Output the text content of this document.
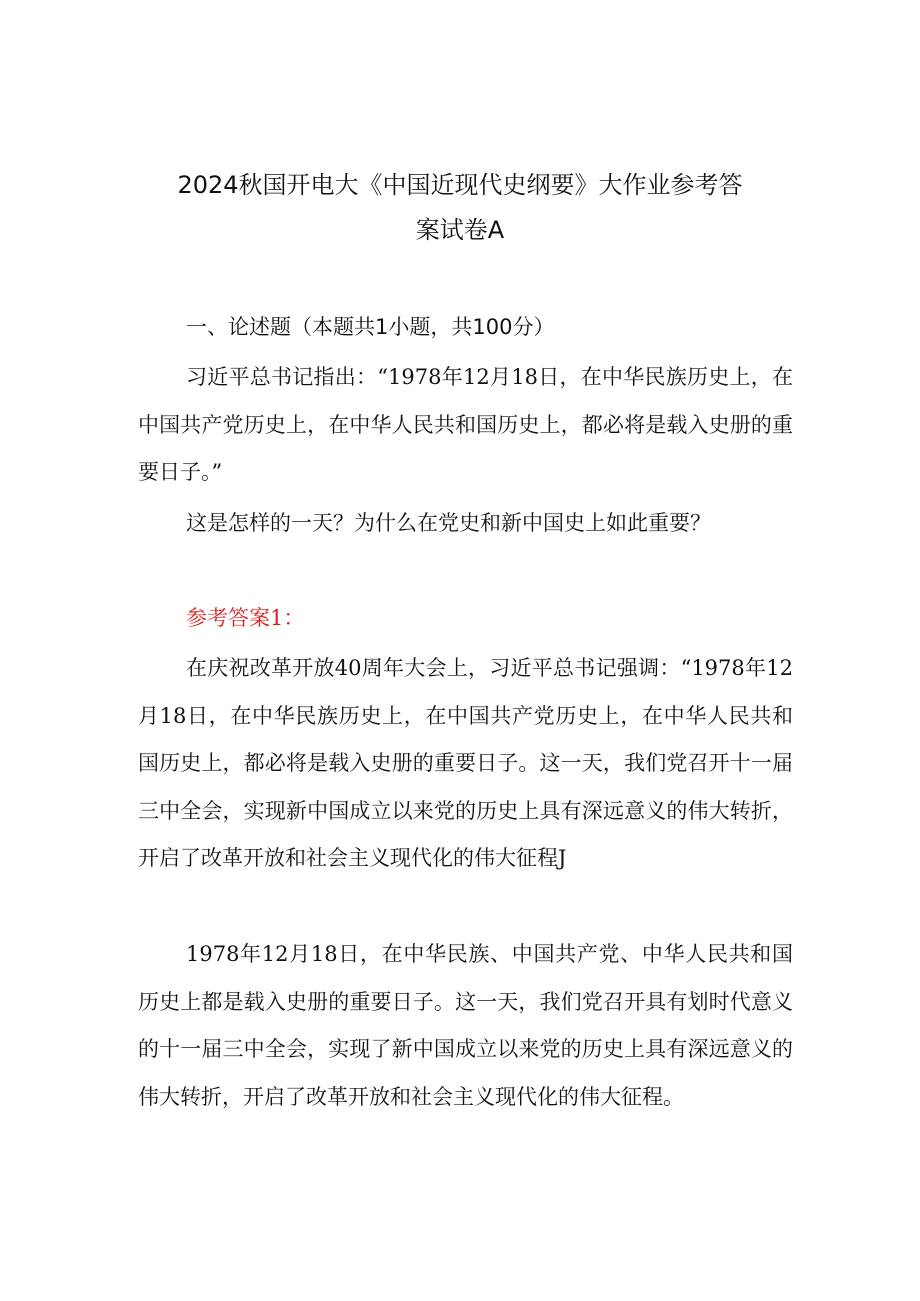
2024秋国开电大《中国近现代史纲要》大作业参考答
案试卷A
一、论述题（本题共1小题，共100分）

习近平总书记指出：“1978年12月18日，在中华民族历史上，在中国共产党历史上，在中华人民共和国历史上，都必将是载入史册的重要日子。”

这是怎样的一天？为什么在党史和新中国史上如此重要？

参考答案1：

在庆祝改革开放40周年大会上，习近平总书记强调：“1978年12月18日，在中华民族历史上，在中国共产党历史上，在中华人民共和国历史上，都必将是载入史册的重要日子。这一天，我们党召开十一届三中全会，实现新中国成立以来党的历史上具有深远意义的伟大转折，开启了改革开放和社会主义现代化的伟大征程J

1978年12月18日，在中华民族、中国共产党、中华人民共和国历史上都是载入史册的重要日子。这一天，我们党召开具有划时代意义的十一届三中全会，实现了新中国成立以来党的历史上具有深远意义的伟大转折，开启了改革开放和社会主义现代化的伟大征程。
